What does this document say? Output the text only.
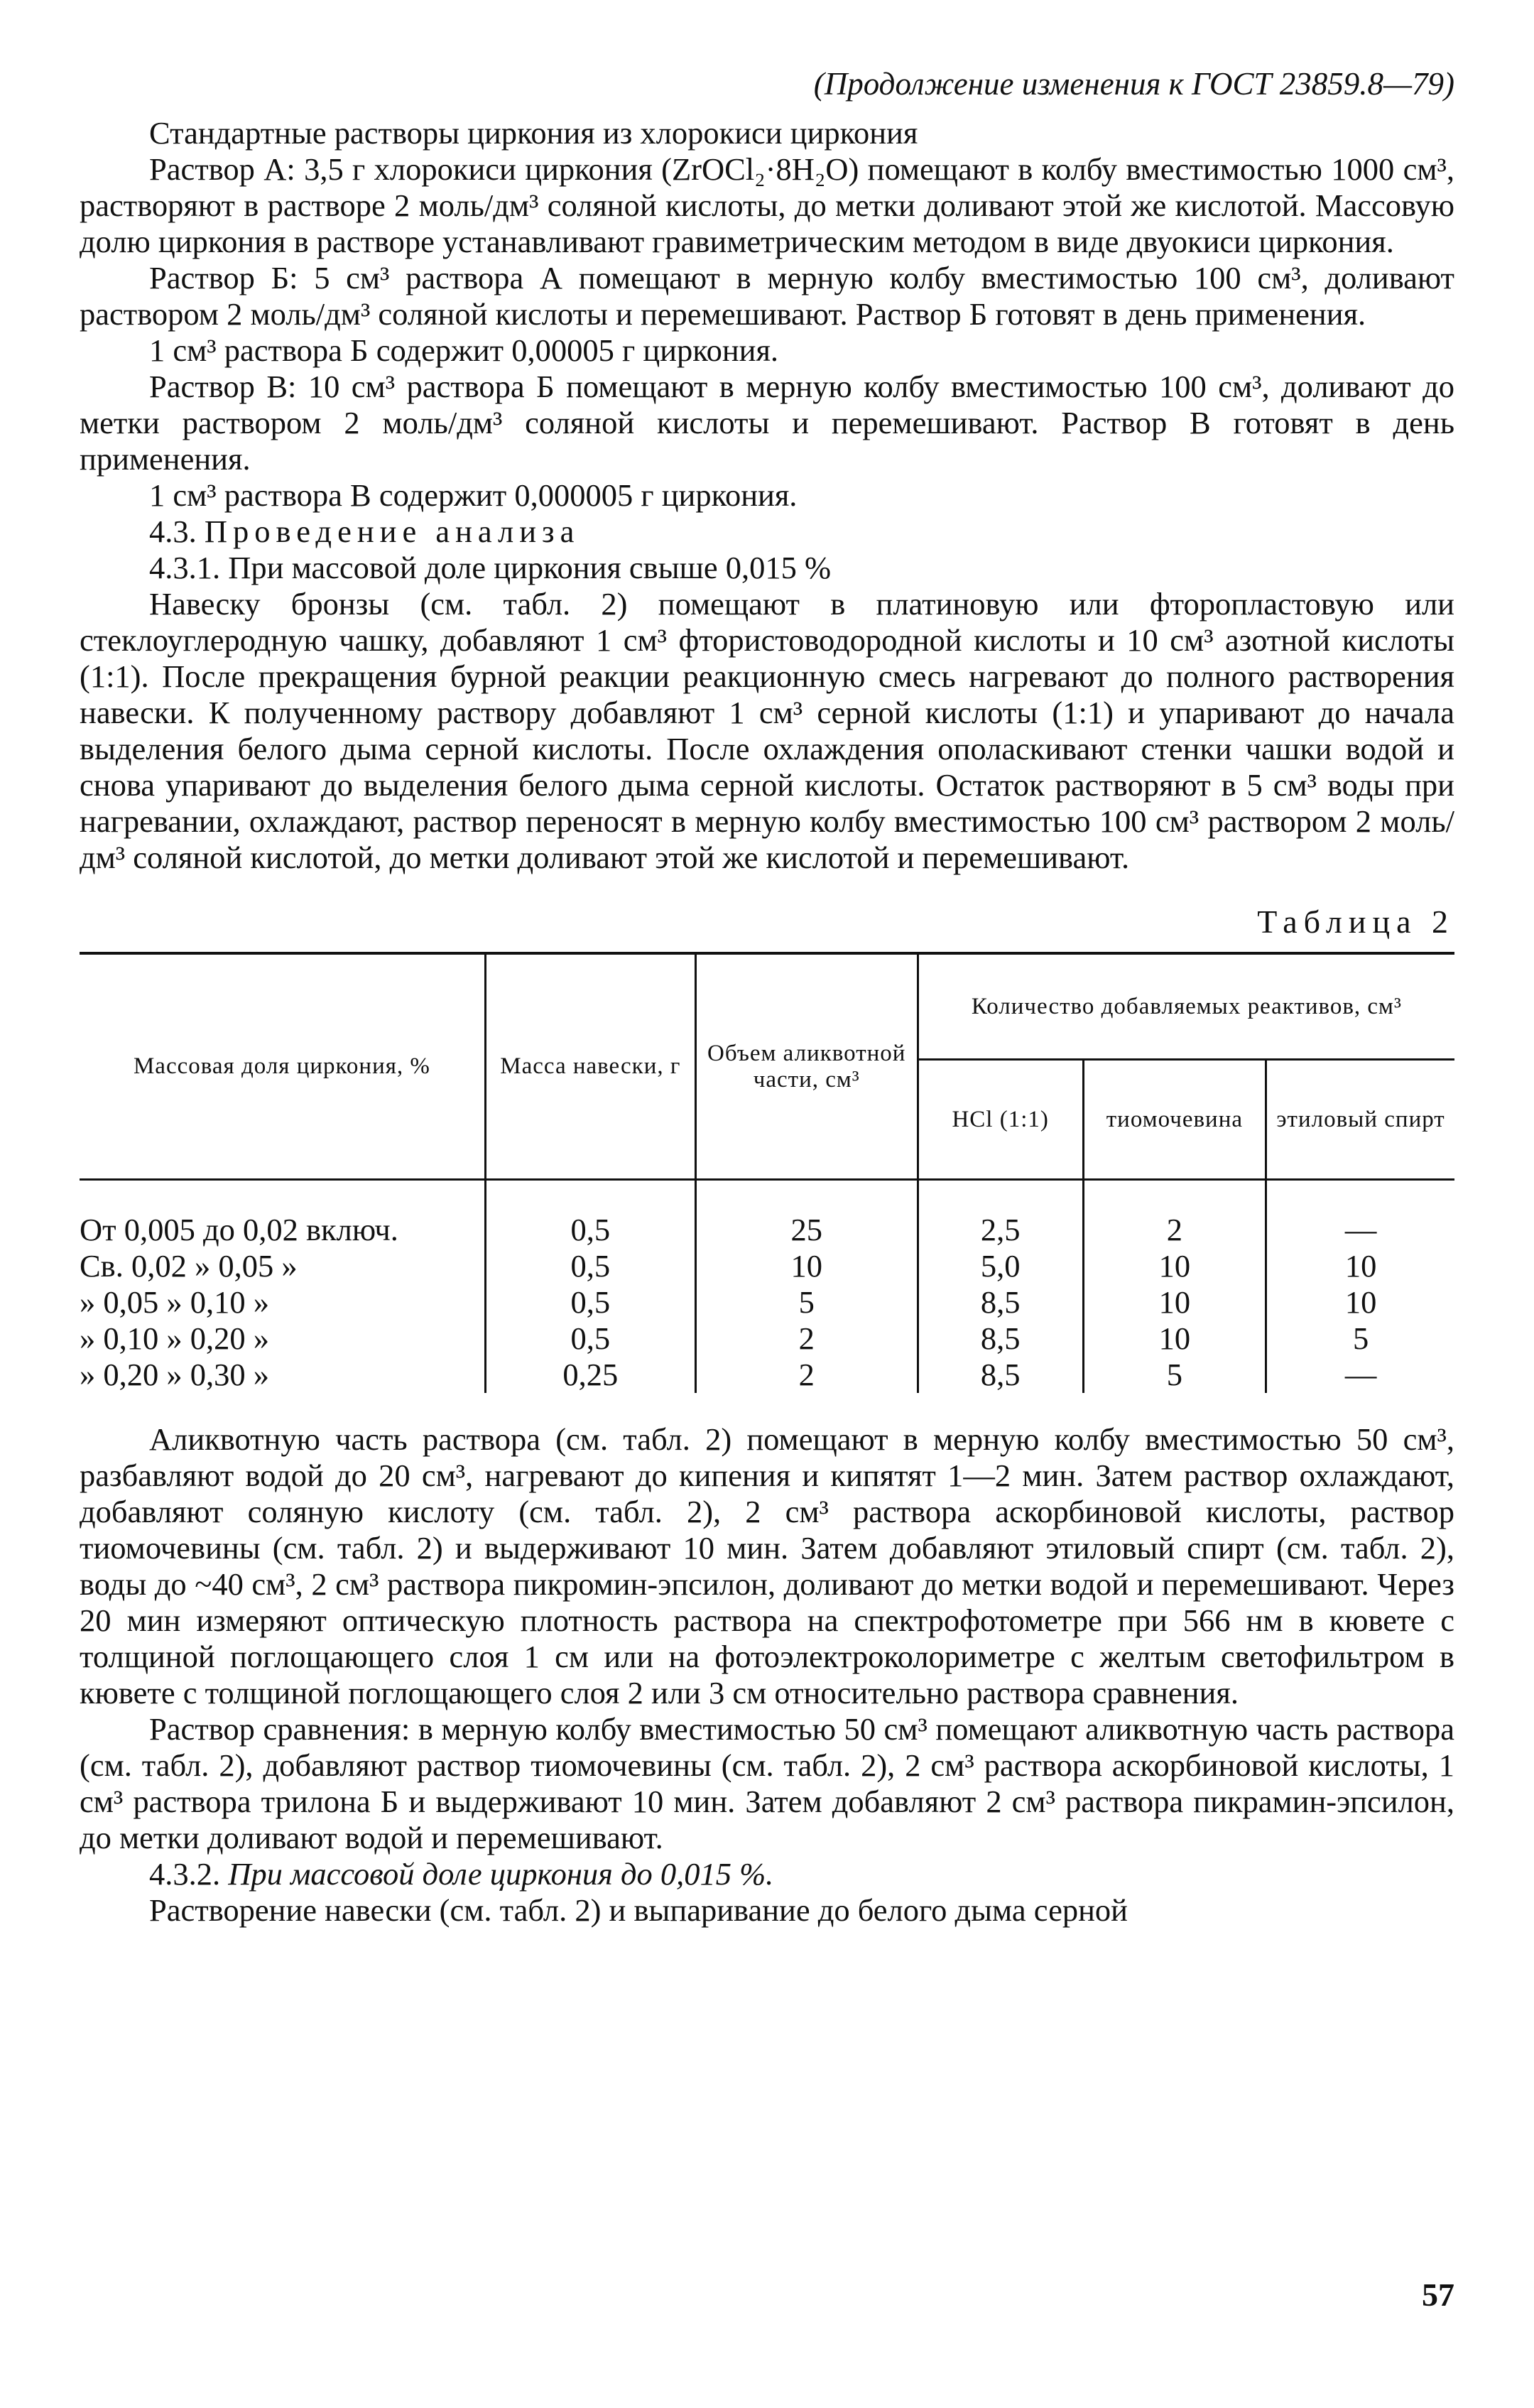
(Продолжение изменения к ГОСТ 23859.8—79)

Стандартные растворы циркония из хлорокиси циркония

Раствор А: 3,5 г хлорокиси циркония (ZrOCl₂·8H₂O) помещают в колбу вместимостью 1000 см³, растворяют в растворе 2 моль/дм³ соляной кислоты, до метки доливают этой же кислотой. Массовую долю циркония в растворе устанавливают гравиметрическим методом в виде двуокиси циркония.

Раствор Б: 5 см³ раствора А помещают в мерную колбу вместимостью 100 см³, доливают раствором 2 моль/дм³ соляной кислоты и перемешивают. Раствор Б готовят в день применения.

1 см³ раствора Б содержит 0,00005 г циркония.

Раствор В: 10 см³ раствора Б помещают в мерную колбу вместимостью 100 см³, доливают до метки раствором 2 моль/дм³ соляной кислоты и перемешивают. Раствор В готовят в день применения.

1 см³ раствора В содержит 0,000005 г циркония.

4.3. Проведение анализа

4.3.1. При массовой доле циркония свыше 0,015 %

Навеску бронзы (см. табл. 2) помещают в платиновую или фторопластовую или стеклоуглеродную чашку, добавляют 1 см³ фтористоводородной кислоты и 10 см³ азотной кислоты (1:1). После прекращения бурной реакции реакционную смесь нагревают до полного растворения навески. К полученному раствору добавляют 1 см³ серной кислоты (1:1) и упаривают до начала выделения белого дыма серной кислоты. После охлаждения ополаскивают стенки чашки водой и снова упаривают до выделения белого дыма серной кислоты. Остаток растворяют в 5 см³ воды при нагревании, охлаждают, раствор переносят в мерную колбу вместимостью 100 см³ раствором 2 моль/дм³ соляной кислотой, до метки доливают этой же кислотой и перемешивают.

Таблица 2
Массовая доля циркония, %	Масса навески, г	Объем аликвотной части, см³	Количество добавляемых реактивов, см³		
			HCl (1:1)	тиомочевина	этиловый спирт
От 0,005 до 0,02 включ.	0,5	25	2,5	2	—
Св. 0,02 » 0,05 »	0,5	10	5,0	10	10
» 0,05 » 0,10 »	0,5	5	8,5	10	10
» 0,10 » 0,20 »	0,5	2	8,5	10	5
» 0,20 » 0,30 »	0,25	2	8,5	5	—

Аликвотную часть раствора (см. табл. 2) помещают в мерную колбу вместимостью 50 см³, разбавляют водой до 20 см³, нагревают до кипения и кипятят 1—2 мин. Затем раствор охлаждают, добавляют соляную кислоту (см. табл. 2), 2 см³ раствора аскорбиновой кислоты, раствор тиомочевины (см. табл. 2) и выдерживают 10 мин. Затем добавляют этиловый спирт (см. табл. 2), воды до ~40 см³, 2 см³ раствора пикромин-эпсилон, доливают до метки водой и перемешивают. Через 20 мин измеряют оптическую плотность раствора на спектрофотометре при 566 нм в кювете с толщиной поглощающего слоя 1 см или на фотоэлектроколориметре с желтым светофильтром в кювете с толщиной поглощающего слоя 2 или 3 см относительно раствора сравнения.

Раствор сравнения: в мерную колбу вместимостью 50 см³ помещают аликвотную часть раствора (см. табл. 2), добавляют раствор тиомочевины (см. табл. 2), 2 см³ раствора аскорбиновой кислоты, 1 см³ раствора трилона Б и выдерживают 10 мин. Затем добавляют 2 см³ раствора пикрамин-эпсилон, до метки доливают водой и перемешивают.

4.3.2. При массовой доле циркония до 0,015 %.

Растворение навески (см. табл. 2) и выпаривание до белого дыма серной

57
